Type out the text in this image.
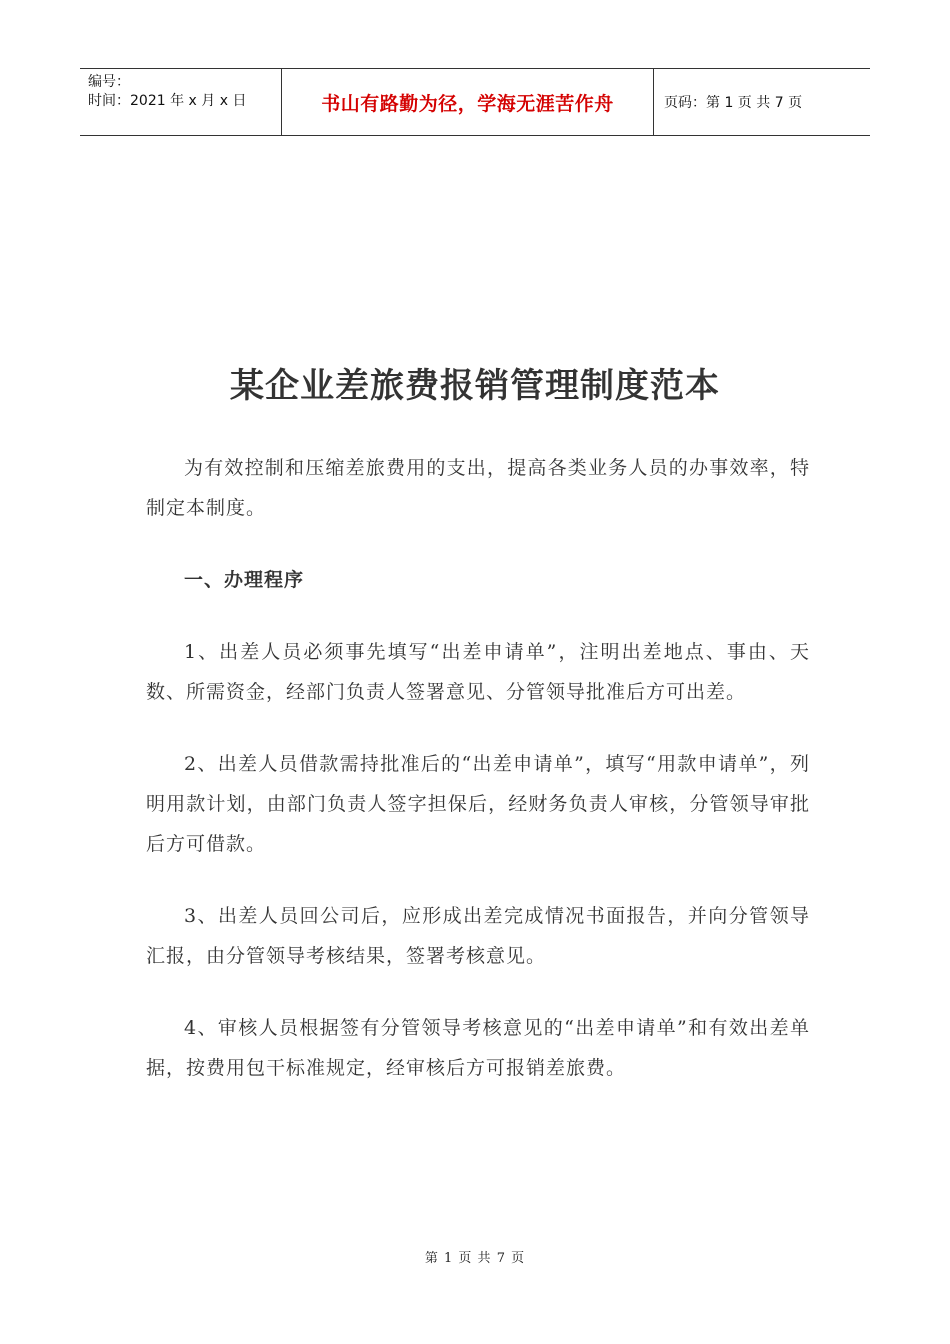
编号：
时间：2021 年 x 月 x 日	书山有路勤为径，学海无涯苦作舟	页码：第 1 页 共 7 页
某企业差旅费报销管理制度范本

为有效控制和压缩差旅费用的支出，提高各类业务人员的办事效率，特制定本制度。

一、办理程序

1、出差人员必须事先填写“出差申请单”，注明出差地点、事由、天数、所需资金，经部门负责人签署意见、分管领导批准后方可出差。

2、出差人员借款需持批准后的“出差申请单”，填写“用款申请单”，列明用款计划，由部门负责人签字担保后，经财务负责人审核，分管领导审批后方可借款。

3、出差人员回公司后，应形成出差完成情况书面报告，并向分管领导汇报，由分管领导考核结果，签署考核意见。

4、审核人员根据签有分管领导考核意见的“出差申请单”和有效出差单据，按费用包干标准规定，经审核后方可报销差旅费。

第 1 页 共 7 页
